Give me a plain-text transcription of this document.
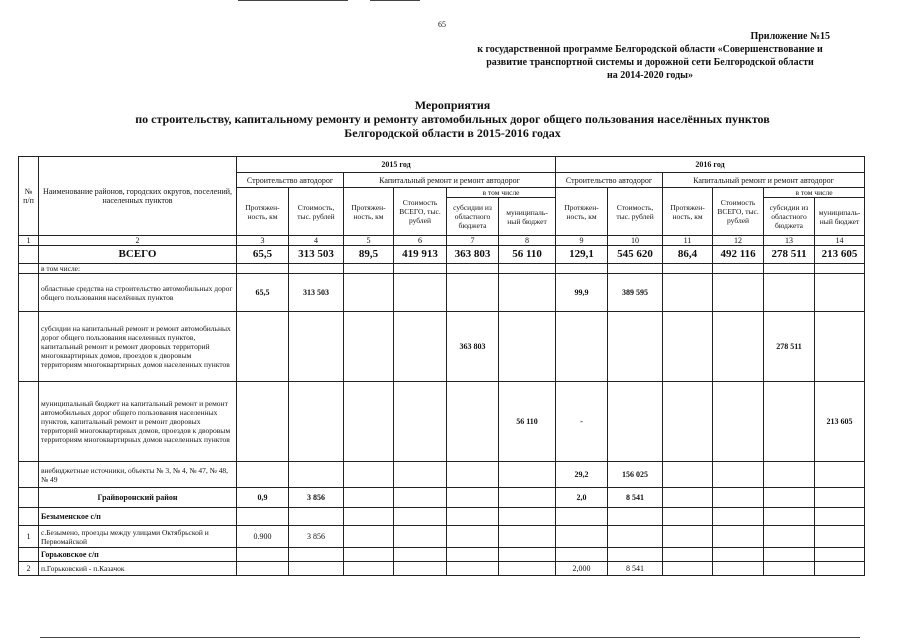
65
Приложение №15
к государственной программе Белгородской области «Совершенствование и
развитие транспортной системы и дорожной сети Белгородской области
на 2014-2020 годы»
Мероприятия
по строительству, капитальному ремонту и ремонту автомобильных дорог общего пользования населённых пунктов
Белгородской области в 2015-2016 годах
№ п/п	Наименование районов, городских округов, поселений, населенных пунктов	2015 год						2016 год					
		Строительство автодорог		Капитальный ремонт и ремонт автодорог				Строительство автодорог		Капитальный ремонт и ремонт автодорог			
		Протяжен-ность, км	Стоимость, тыс. рублей	Протяжен-ность, км	Стоимость ВСЕГО, тыс. рублей	в том числе		Протяжен-ность, км	Стоимость, тыс. рублей	Протяжен-ность, км	Стоимость ВСЕГО, тыс. рублей	в том числе	
						субсидии из областного бюджета	муниципаль-ный бюджет					субсидии из областного бюджета	муниципаль-ный бюджет
1	2	3	4	5	6	7	8	9	10	11	12	13	14
	ВСЕГО	65,5	313 503	89,5	419 913	363 803	56 110	129,1	545 620	86,4	492 116	278 511	213 605
	в том числе:												
	областные средства на строительство автомобильных дорог общего пользования населённых пунктов	65,5	313 503					99,9	389 595				
	субсидии на капитальный ремонт и ремонт автомобильных дорог общего пользования населенных пунктов, капитальный ремонт и ремонт дворовых территорий многоквартирных домов, проездов к дворовым территориям многоквартирных домов населенных пунктов					363 803						278 511	
	муниципальный бюджет на капитальный ремонт и ремонт автомобильных дорог общего пользования населенных пунктов, капитальный ремонт и ремонт дворовых территорий многоквартирных домов, проездов к дворовым территориям многоквартирных домов населенных пунктов						56 110	-					213 605
	внебюджетные источники, объекты № 3, № 4, № 47, № 48, № 49							29,2	156 025				
	Грайворонский район	0,9	3 856					2,0	8 541				
	Безыменское с/п												
1	с.Безымено, проезды между улицами Октябрьской и Первомайской	0.900	3 856										
	Горьковское с/п												
2	п.Горьковский - п.Казачок							2,000	8 541				
